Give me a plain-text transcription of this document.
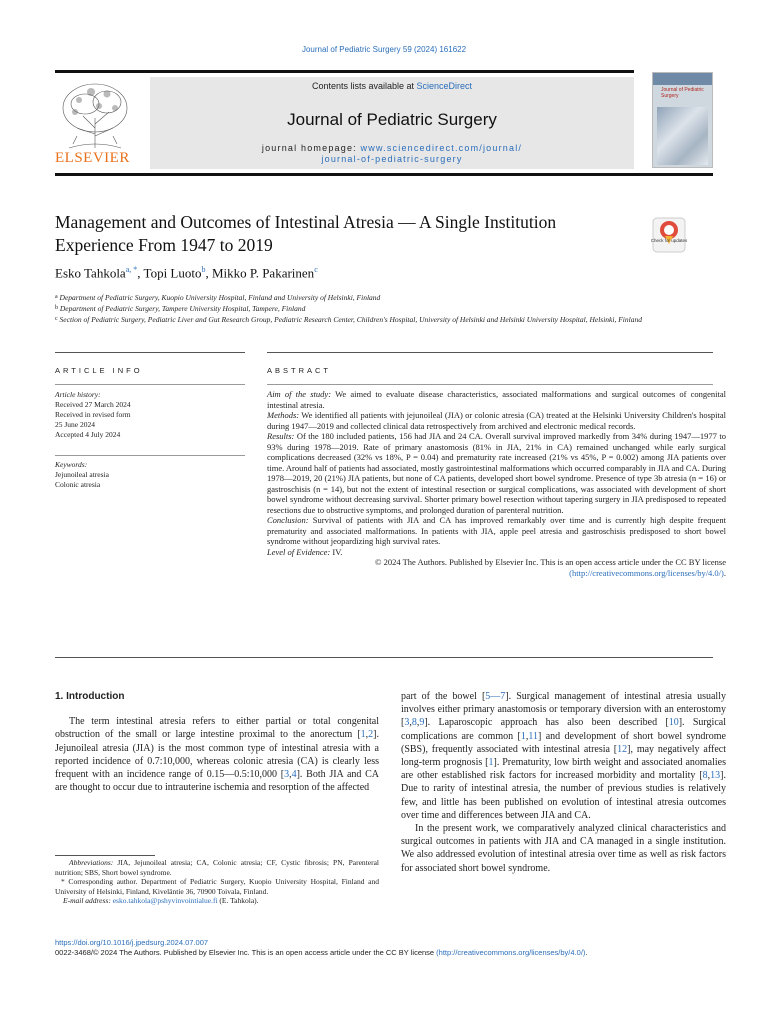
Journal of Pediatric Surgery 59 (2024) 161622
ELSEVIER
Contents lists available at ScienceDirect
Journal of Pediatric Surgery
journal homepage: www.sciencedirect.com/journal/
journal-of-pediatric-surgery
Journal of Pediatric Surgery
Management and Outcomes of Intestinal Atresia — A Single Institution Experience From 1947 to 2019	Check for updates
Esko Tahkola$^{a, *}$, Topi Luoto$^b$, Mikko P. Pakarinen$^c$
$^a$ Department of Pediatric Surgery, Kuopio University Hospital, Finland and University of Helsinki, Finland
$^b$ Department of Pediatric Surgery, Tampere University Hospital, Tampere, Finland
$^c$ Section of Pediatric Surgery, Pediatric Liver and Gut Research Group, Pediatric Research Center, Children's Hospital, University of Helsinki and Helsinki University Hospital, Helsinki, Finland
ARTICLE INFO	ABSTRACT
Article history:
Received 27 March 2024
Received in revised form
25 June 2024
Accepted 4 July 2024
Keywords:
Jejunoileal atresia
Colonic atresia
Aim of the study: We aimed to evaluate disease characteristics, associated malformations and surgical outcomes of congenital intestinal atresia.
Methods: We identified all patients with jejunoileal (JIA) or colonic atresia (CA) treated at the Helsinki University Children's hospital during 1947—2019 and collected clinical data retrospectively from archived and electronic medical records.
Results: Of the 180 included patients, 156 had JIA and 24 CA. Overall survival improved markedly from 34% during 1947—1977 to 93% during 1978—2019. Rate of primary anastomosis (81% in JIA, 21% in CA) remained unchanged while early surgical complications decreased (32% vs 18%, P = 0.04) and prematurity rate increased (21% vs 45%, P = 0.002) among JIA patients over time. Around half of patients had associated, mostly gastrointestinal malformations which occurred comparably in JIA and CA. During 1978—2019, 20 (21%) JIA patients, but none of CA patients, developed short bowel syndrome. Presence of type 3b atresia (n = 16) or gastroschisis (n = 14), but not the extent of intestinal resection or surgical complications, was associated with development of short bowel syndrome without decreasing survival. Shorter primary bowel resection without tapering surgery in JIA predisposed to repeated resections due to obstructive symptoms, and prolonged duration of parenteral nutrition.
Conclusion: Survival of patients with JIA and CA has improved remarkably over time and is currently high despite frequent prematurity and associated malformations. In patients with JIA, apple peel atresia and gastroschisis predisposed to short bowel syndrome without jeopardizing high survival rates.
Level of Evidence: IV.
© 2024 The Authors. Published by Elsevier Inc. This is an open access article under the CC BY license
(http://creativecommons.org/licenses/by/4.0/).
1. Introduction

The term intestinal atresia refers to either partial or total congenital obstruction of the small or large intestine proximal to the anorectum [1,2]. Jejunoileal atresia (JIA) is the most common type of intestinal atresia with a reported incidence of 0.7:10,000, whereas colonic atresia (CA) is clearly less frequent with an incidence range of 0.15—0.5:10,000 [3,4]. Both JIA and CA are thought to occur due to intrauterine ischemia and resorption of the affected

part of the bowel [5—7]. Surgical management of intestinal atresia usually involves either primary anastomosis or temporary diversion with an enterostomy [3,8,9]. Laparoscopic approach has also been described [10]. Surgical complications are common [1,11] and development of short bowel syndrome (SBS), frequently associated with intestinal atresia [12], may negatively affect long-term prognosis [1]. Prematurity, low birth weight and associated anomalies are other established risk factors for increased morbidity and mortality [8,13]. Due to rarity of intestinal atresia, the number of previous studies is relatively few, and little has been published on evolution of intestinal atresia outcomes over time and differences between JIA and CA.

In the present work, we comparatively analyzed clinical characteristics and surgical outcomes in patients with JIA and CA managed in a single institution. We also addressed evolution of intestinal atresia over time as well as risk factors for associated short bowel syndrome.

Abbreviations: JIA, Jejunoileal atresia; CA, Colonic atresia; CF, Cystic fibrosis; PN, Parenteral nutrition; SBS, Short bowel syndrome.
* Corresponding author. Department of Pediatric Surgery, Kuopio University Hospital, Finland and University of Helsinki, Finland, Kiveläntie 36, 70900 Toivala, Finland.
E-mail address: esko.tahkola@pshyvinvointialue.fi (E. Tahkola).
https://doi.org/10.1016/j.jpedsurg.2024.07.007
0022-3468/© 2024 The Authors. Published by Elsevier Inc. This is an open access article under the CC BY license (http://creativecommons.org/licenses/by/4.0/).
